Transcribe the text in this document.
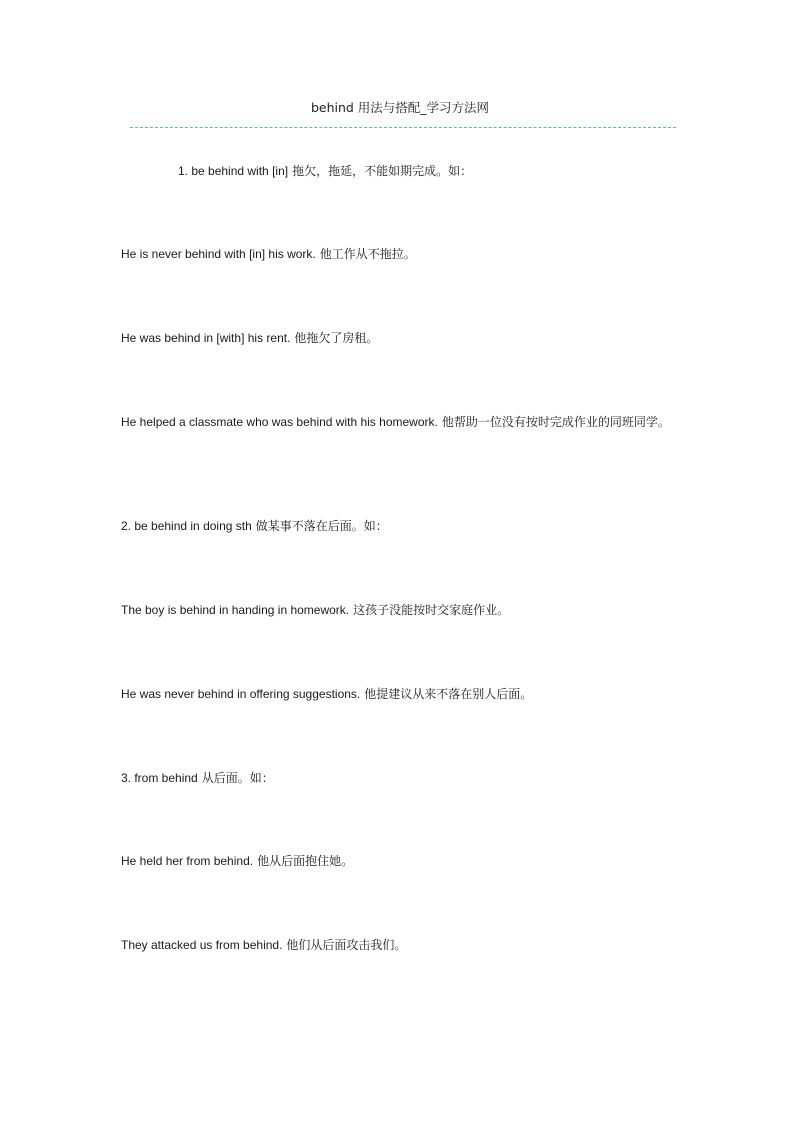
behind 用法与搭配_学习方法网
1. be behind with [in] 拖欠，拖延，不能如期完成。如：
He is never behind with [in] his work. 他工作从不拖拉。
He was behind in [with] his rent. 他拖欠了房租。
He helped a classmate who was behind with his homework. 他帮助一位没有按时完成作业的同班同学。
2. be behind in doing sth 做某事不落在后面。如：
The boy is behind in handing in homework. 这孩子没能按时交家庭作业。
He was never behind in offering suggestions. 他提建议从来不落在别人后面。
3. from behind 从后面。如：
He held her from behind. 他从后面抱住她。
They attacked us from behind. 他们从后面攻击我们。
